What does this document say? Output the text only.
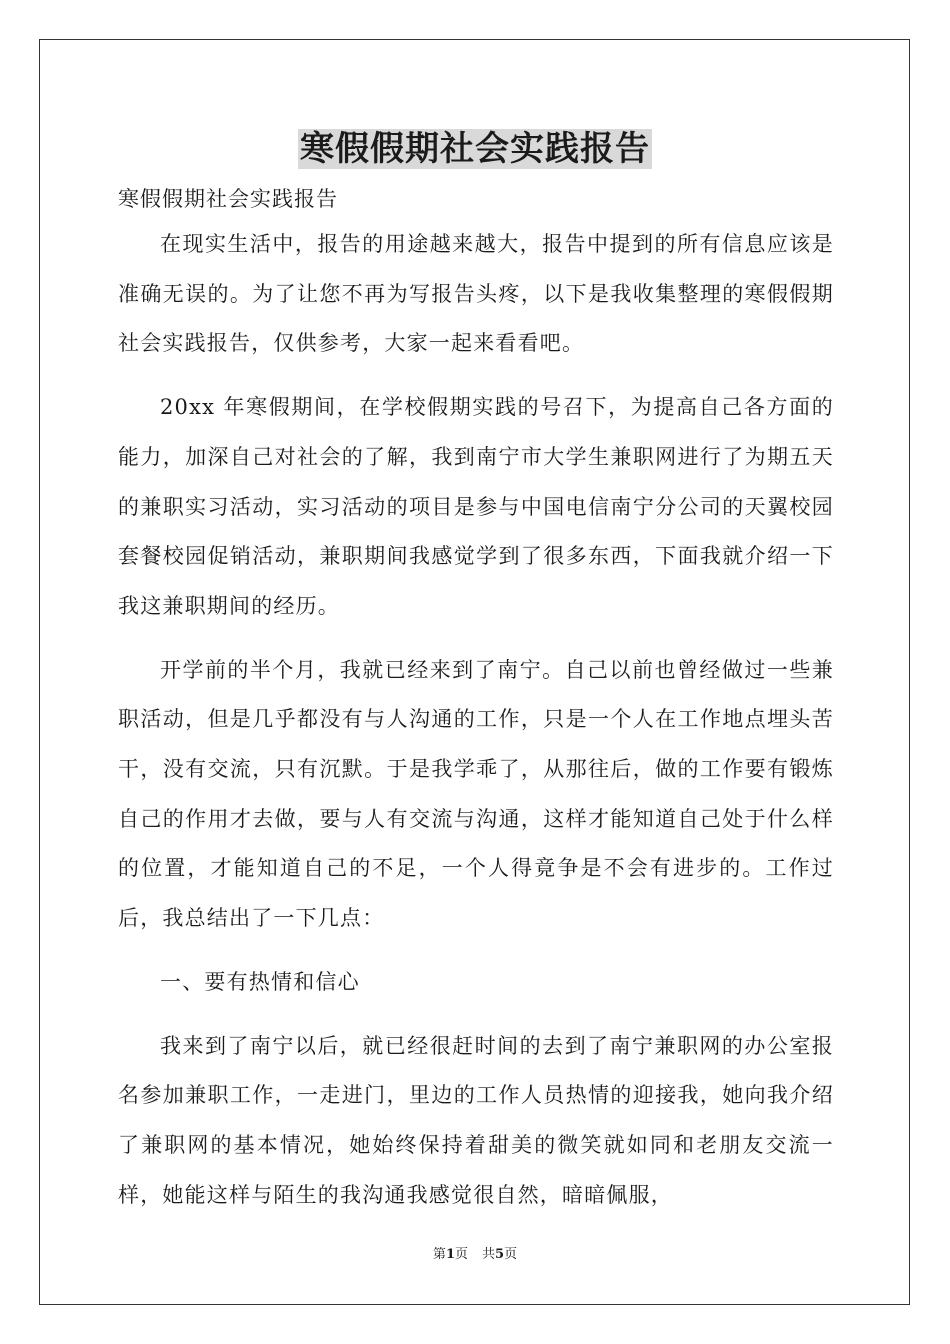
寒假假期社会实践报告

寒假假期社会实践报告

在现实生活中，报告的用途越来越大，报告中提到的所有信息应该是准确无误的。为了让您不再为写报告头疼，以下是我收集整理的寒假假期社会实践报告，仅供参考，大家一起来看看吧。

20xx 年寒假期间，在学校假期实践的号召下，为提高自己各方面的能力，加深自己对社会的了解，我到南宁市大学生兼职网进行了为期五天的兼职实习活动，实习活动的项目是参与中国电信南宁分公司的天翼校园套餐校园促销活动，兼职期间我感觉学到了很多东西，下面我就介绍一下我这兼职期间的经历。

开学前的半个月，我就已经来到了南宁。自己以前也曾经做过一些兼职活动，但是几乎都没有与人沟通的工作，只是一个人在工作地点埋头苦干，没有交流，只有沉默。于是我学乖了，从那往后，做的工作要有锻炼自己的作用才去做，要与人有交流与沟通，这样才能知道自己处于什么样的位置，才能知道自己的不足，一个人得竟争是不会有进步的。工作过后，我总结出了一下几点：

一、要有热情和信心

我来到了南宁以后，就已经很赶时间的去到了南宁兼职网的办公室报名参加兼职工作，一走进门，里边的工作人员热情的迎接我，她向我介绍了兼职网的基本情况，她始终保持着甜美的微笑就如同和老朋友交流一样，她能这样与陌生的我沟通我感觉很自然，暗暗佩服，

第1页 共5页
